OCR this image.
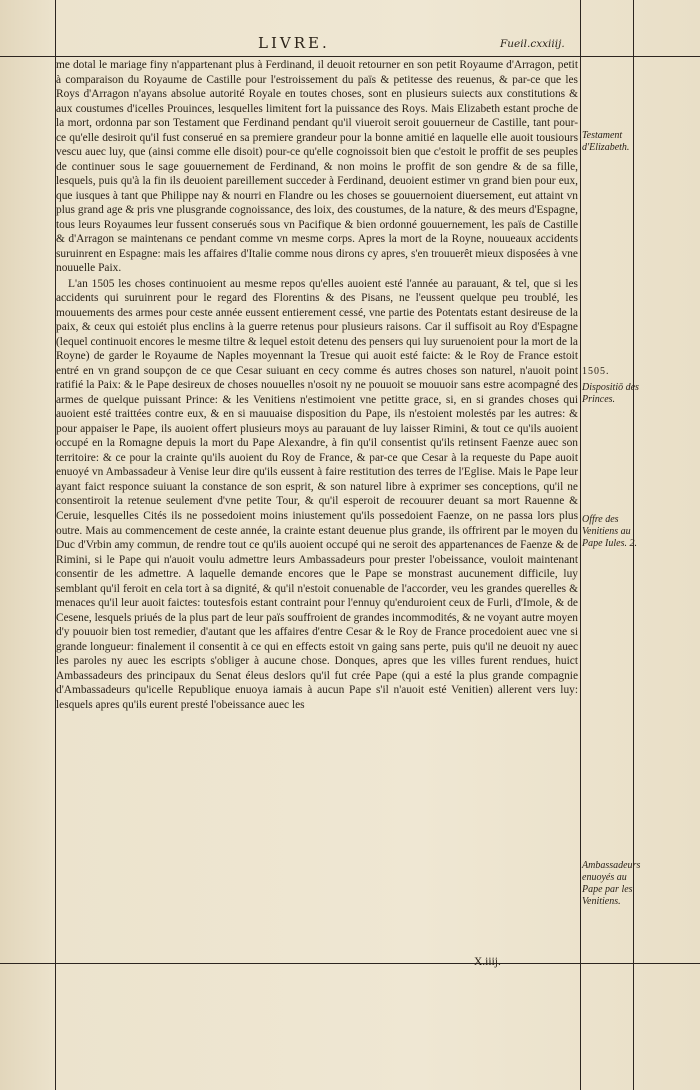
LIVRE.	Fueil.cxxiiij.

me dotal le mariage finy n'appartenant plus à Ferdinand, il deuoit retourner en son petit Royaume d'Arragon, petit à comparaison du Royaume de Castille pour l'estroissement du païs & petitesse des reuenus, & par-ce que les Roys d'Arragon n'ayans absolue autorité Royale en toutes choses, sont en plusieurs suiects aux constitutions & aux coustumes d'icelles Prouinces, lesquelles limitent fort la puissance des Roys. Mais Elizabeth estant proche de la mort, ordonna par son Testament que Ferdinand pendant qu'il viueroit seroit gouuerneur de Castille, tant pour-ce qu'elle desiroit qu'il fust conserué en sa premiere grandeur pour la bonne amitié en laquelle elle auoit tousiours vescu auec luy, que (ainsi comme elle disoit) pour-ce qu'elle cognoissoit bien que c'estoit le proffit de ses peuples de continuer sous le sage gouuernement de Ferdinand, & non moins le proffit de son gendre & de sa fille, lesquels, puis qu'à la fin ils deuoient pareillement succeder à Ferdinand, deuoient estimer vn grand bien pour eux, que iusques à tant que Philippe nay & nourri en Flandre ou les choses se gouuernoient diuersement, eut attaint vn plus grand age & pris vne plusgrande cognoissance, des loix, des coustumes, de la nature, & des meurs d'Espagne, tous leurs Royaumes leur fussent conserués sous vn Pacifique & bien ordonné gouuernement, les païs de Castille & d'Arragon se maintenans ce pendant comme vn mesme corps. Apres la mort de la Royne, nouueaux accidents suruinrent en Espagne: mais les affaires d'Italie comme nous dirons cy apres, s'en trouuerêt mieux disposées à vne nouuelle Paix.

L'an 1505 les choses continuoient au mesme repos qu'elles auoient esté l'année au parauant, & tel, que si les accidents qui suruinrent pour le regard des Florentins & des Pisans, ne l'eussent quelque peu troublé, les mouuements des armes pour ceste année eussent entierement cessé, vne partie des Potentats estant desireuse de la paix, & ceux qui estoiét plus enclins à la guerre retenus pour plusieurs raisons. Car il suffisoit au Roy d'Espagne (lequel continuoit encores le mesme tiltre & lequel estoit detenu des pensers qui luy suruenoient pour la mort de la Royne) de garder le Royaume de Naples moyennant la Tresue qui auoit esté faicte: & le Roy de France estoit entré en vn grand soupçon de ce que Cesar suiuant en cecy comme és autres choses son naturel, n'auoit point ratifié la Paix: & le Pape desireux de choses nouuelles n'osoit ny ne pouuoit se mouuoir sans estre acompagné des armes de quelque puissant Prince: & les Venitiens n'estimoient vne petitte grace, si, en si grandes choses qui auoient esté traittées contre eux, & en si mauuaise disposition du Pape, ils n'estoient molestés par les autres: & pour appaiser le Pape, ils auoient offert plusieurs moys au parauant de luy laisser Rimini, & tout ce qu'ils auoient occupé en la Romagne depuis la mort du Pape Alexandre, à fin qu'il consentist qu'ils retinsent Faenze auec son territoire: & ce pour la crainte qu'ils auoient du Roy de France, & par-ce que Cesar à la requeste du Pape auoit enuoyé vn Ambassadeur à Venise leur dire qu'ils eussent à faire restitution des terres de l'Eglise. Mais le Pape leur ayant faict responce suiuant la constance de son esprit, & son naturel libre à exprimer ses conceptions, qu'il ne consentiroit la retenue seulement d'vne petite Tour, & qu'il esperoit de recouurer deuant sa mort Rauenne & Ceruie, lesquelles Cités ils ne possedoient moins iniustement qu'ils possedoient Faenze, on ne passa lors plus outre. Mais au commencement de ceste année, la crainte estant deuenue plus grande, ils offrirent par le moyen du Duc d'Vrbin amy commun, de rendre tout ce qu'ils auoient occupé qui ne seroit des appartenances de Faenze & de Rimini, si le Pape qui n'auoit voulu admettre leurs Ambassadeurs pour prester l'obeissance, vouloit maintenant consentir de les admettre. A laquelle demande encores que le Pape se monstrast aucunement difficile, luy semblant qu'il feroit en cela tort à sa dignité, & qu'il n'estoit conuenable de l'accorder, veu les grandes querelles & menaces qu'il leur auoit faictes: toutesfois estant contraint pour l'ennuy qu'enduroient ceux de Furli, d'Imole, & de Cesene, lesquels priués de la plus part de leur païs souffroient de grandes incommodités, & ne voyant autre moyen d'y pouuoir bien tost remedier, d'autant que les affaires d'entre Cesar & le Roy de France procedoient auec vne si grande longueur: finalement il consentit à ce qui en effects estoit vn gaing sans perte, puis qu'il ne deuoit ny auec les paroles ny auec les escripts s'obliger à aucune chose. Donques, apres que les villes furent rendues, huict Ambassadeurs des principaux du Senat éleus deslors qu'il fut crée Pape (qui a esté la plus grande compagnie d'Ambassadeurs qu'icelle Republique enuoya iamais à aucun Pape s'il n'auoit esté Venitien) allerent vers luy: lesquels apres qu'ils eurent presté l'obeissance auec les

Testament d'Elizabeth.
1505.
Dispositiō des Princes.
Offre des Venitiens au Pape Iules. 2.
Ambassadeurs enuoyés au Pape par les Venitiens.
X.iiij.
